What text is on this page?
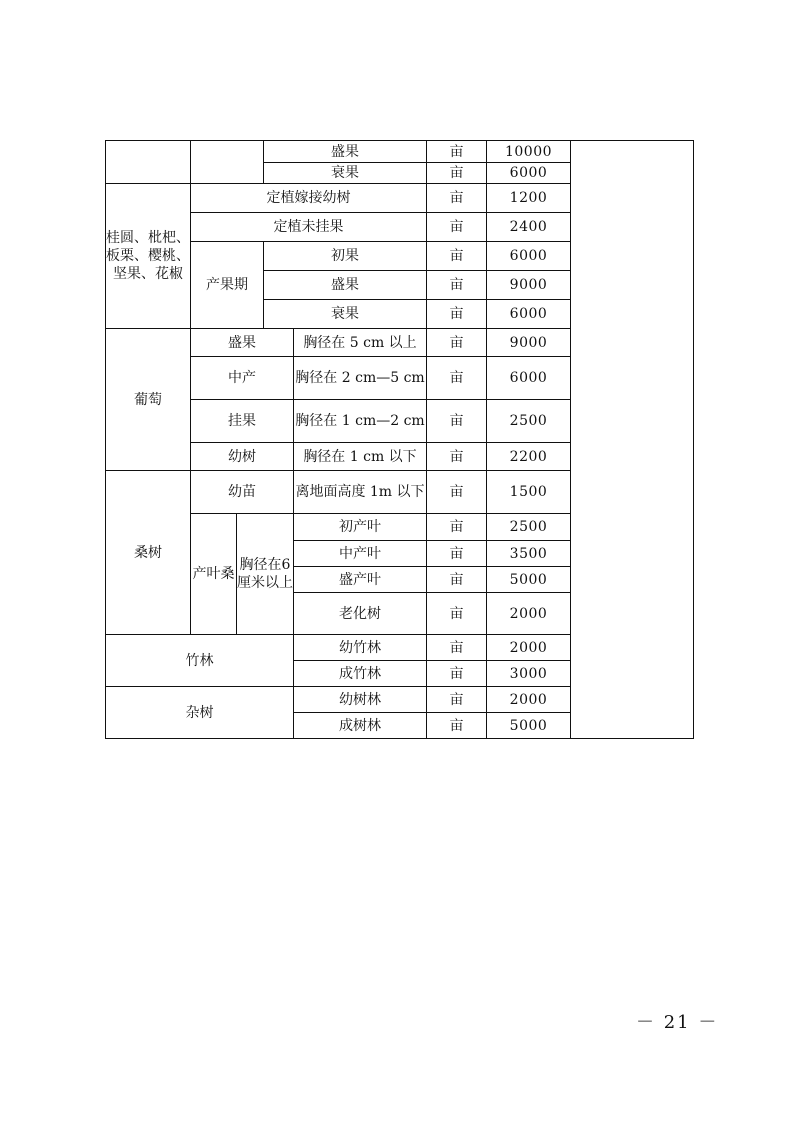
			盛果		亩	10000	
			衰果		亩	6000	
桂圆、枇杷、板栗、樱桃、坚果、花椒	定植嫁接幼树				亩	1200	
	定植未挂果				亩	2400	
	产果期		初果		亩	6000	
			盛果		亩	9000	
			衰果		亩	6000	
葡萄	盛果			胸径在 5 cm 以上	亩	9000	
	中产			胸径在 2 cm—5 cm	亩	6000	
	挂果			胸径在 1 cm—2 cm	亩	2500	
	幼树			胸径在 1 cm 以下	亩	2200	
桑树	幼苗			离地面高度 1m 以下	亩	1500	
	产叶桑	胸径在6厘米以上		初产叶	亩	2500	
				中产叶	亩	3500	
				盛产叶	亩	5000	
				老化树	亩	2000	
竹林				幼竹林	亩	2000	
				成竹林	亩	3000	
杂树				幼树林	亩	2000	
				成树林	亩	5000	
－ 21 －
